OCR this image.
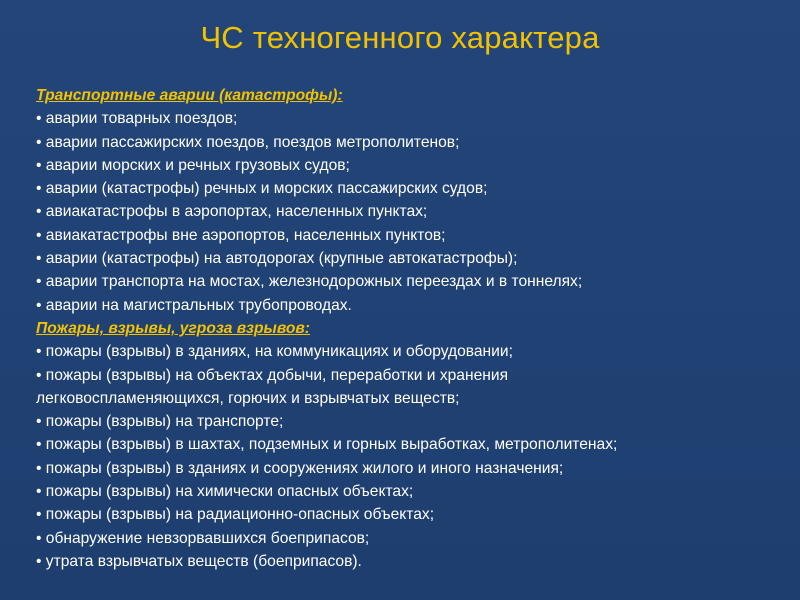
ЧС техногенного характера
Транспортные аварии (катастрофы):
• аварии товарных поездов;
• аварии пассажирских поездов, поездов метрополитенов;
• аварии морских и речных грузовых судов;
• аварии (катастрофы) речных и морских пассажирских судов;
• авиакатастрофы в аэропортах, населенных пунктах;
• авиакатастрофы вне аэропортов, населенных пунктов;
• аварии (катастрофы) на автодорогах (крупные автокатастрофы);
• аварии транспорта на мостах, железнодорожных переездах и в тоннелях;
• аварии на магистральных трубопроводах.
Пожары, взрывы, угроза взрывов:
• пожары (взрывы) в зданиях, на коммуникациях и оборудовании;
• пожары (взрывы) на объектах добычи, переработки и хранения
легковоспламеняющихся, горючих и взрывчатых веществ;
• пожары (взрывы) на транспорте;
• пожары (взрывы) в шахтах, подземных и горных выработках, метрополитенах;
• пожары (взрывы) в зданиях и сооружениях жилого и иного назначения;
• пожары (взрывы) на химически опасных объектах;
• пожары (взрывы) на радиационно-опасных объектах;
• обнаружение невзорвавшихся боеприпасов;
• утрата взрывчатых веществ (боеприпасов).
